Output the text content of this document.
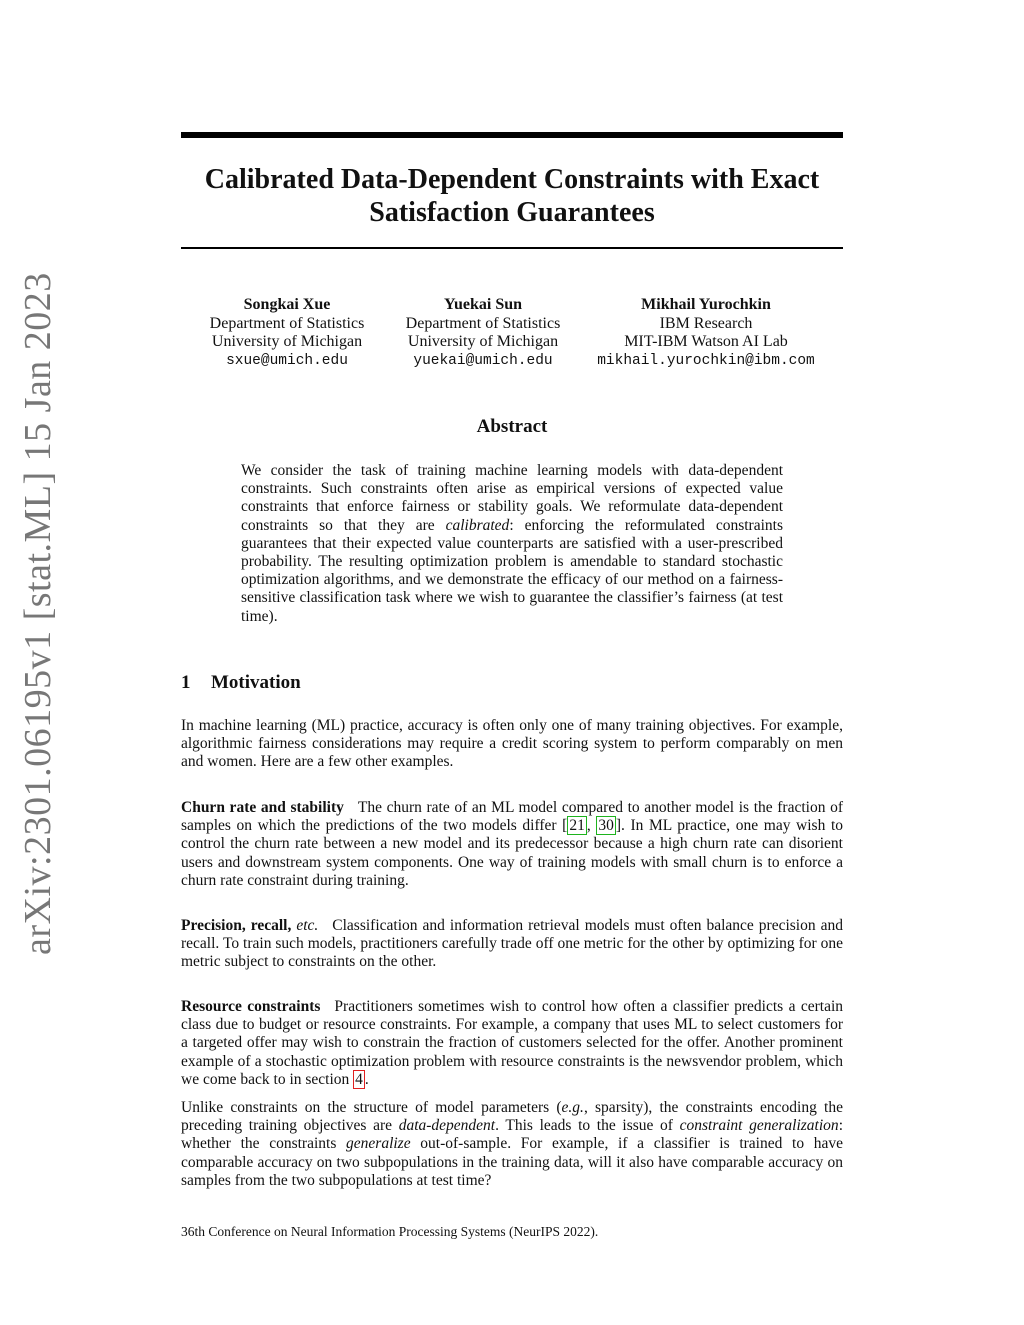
arXiv:2301.06195v1 [stat.ML] 15 Jan 2023
Calibrated Data-Dependent Constraints with Exact
Satisfaction Guarantees
Songkai Xue
Department of Statistics
University of Michigan
sxue@umich.edu
Yuekai Sun
Department of Statistics
University of Michigan
yuekai@umich.edu
Mikhail Yurochkin
IBM Research
MIT-IBM Watson AI Lab
mikhail.yurochkin@ibm.com
Abstract
We consider the task of training machine learning models with data-dependent constraints. Such constraints often arise as empirical versions of expected value constraints that enforce fairness or stability goals. We reformulate data-dependent constraints so that they are calibrated: enforcing the reformulated constraints guarantees that their expected value counterparts are satisfied with a user-prescribed probability. The resulting optimization problem is amendable to standard stochastic optimization algorithms, and we demonstrate the efficacy of our method on a fairness-sensitive classification task where we wish to guarantee the classifier’s fairness (at test time).
1 Motivation
In machine learning (ML) practice, accuracy is often only one of many training objectives. For example, algorithmic fairness considerations may require a credit scoring system to perform comparably on men and women. Here are a few other examples.
Churn rate and stability The churn rate of an ML model compared to another model is the fraction of samples on which the predictions of the two models differ [ 21 , 30 ]. In ML practice, one may wish to control the churn rate between a new model and its predecessor because a high churn rate can disorient users and downstream system components. One way of training models with small churn is to enforce a churn rate constraint during training.
Precision, recall, etc. Classification and information retrieval models must often balance precision and recall. To train such models, practitioners carefully trade off one metric for the other by optimizing for one metric subject to constraints on the other.
Resource constraints Practitioners sometimes wish to control how often a classifier predicts a certain class due to budget or resource constraints. For example, a company that uses ML to select customers for a targeted offer may wish to constrain the fraction of customers selected for the offer. Another prominent example of a stochastic optimization problem with resource constraints is the newsvendor problem, which we come back to in section 4 .
Unlike constraints on the structure of model parameters (e.g., sparsity), the constraints encoding the preceding training objectives are data-dependent. This leads to the issue of constraint generalization: whether the constraints generalize out-of-sample. For example, if a classifier is trained to have comparable accuracy on two subpopulations in the training data, will it also have comparable accuracy on samples from the two subpopulations at test time?
36th Conference on Neural Information Processing Systems (NeurIPS 2022).
